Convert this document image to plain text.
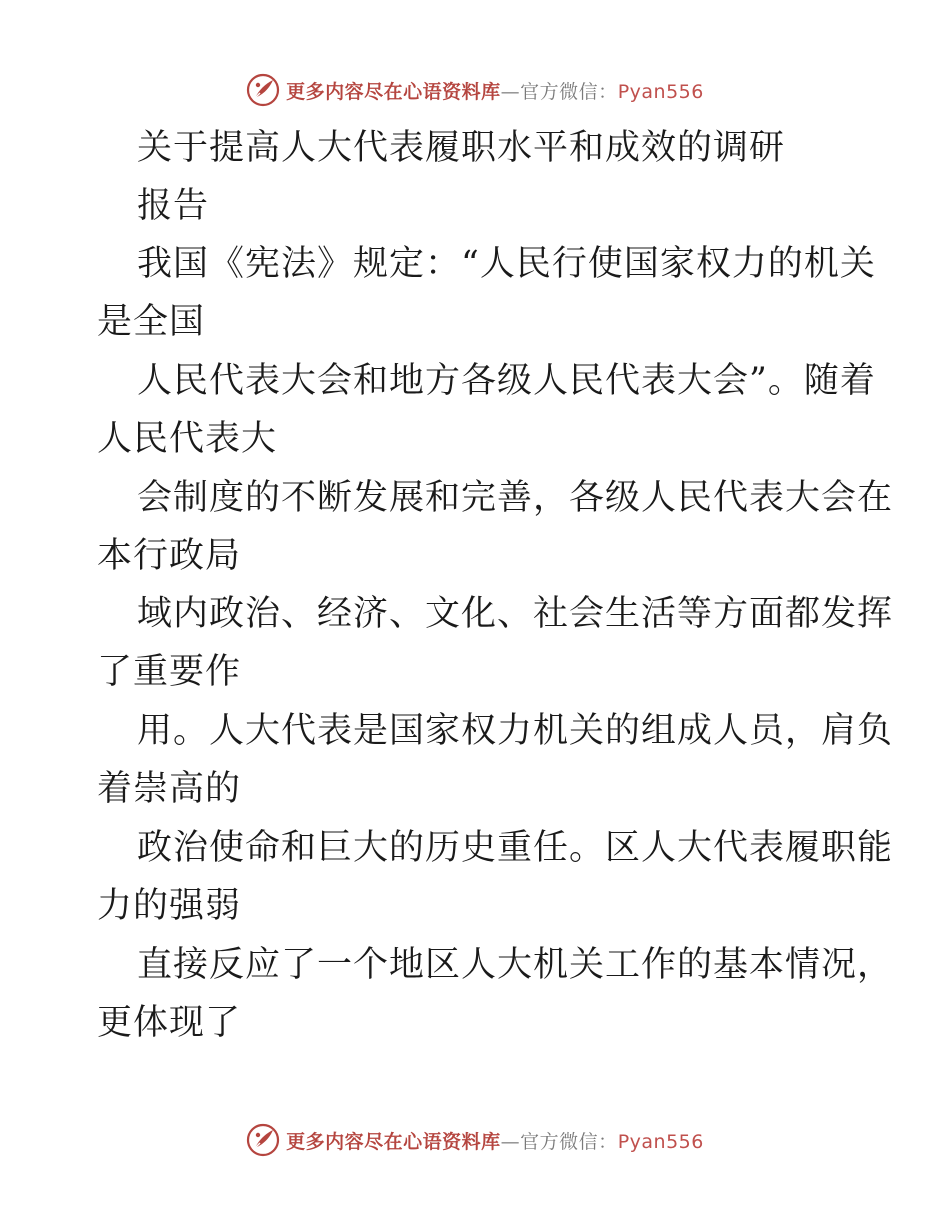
更多内容尽在心语资料库—官方微信：Pyan556
关于提高人大代表履职水平和成效的调研
报告
我国《宪法》规定：“人民行使国家权力的机关
是全国
人民代表大会和地方各级人民代表大会”。随着
人民代表大
会制度的不断发展和完善，各级人民代表大会在
本行政局
域内政治、经济、文化、社会生活等方面都发挥
了重要作
用。人大代表是国家权力机关的组成人员，肩负
着崇高的
政治使命和巨大的历史重任。区人大代表履职能
力的强弱
直接反应了一个地区人大机关工作的基本情况，
更体现了
更多内容尽在心语资料库—官方微信：Pyan556
